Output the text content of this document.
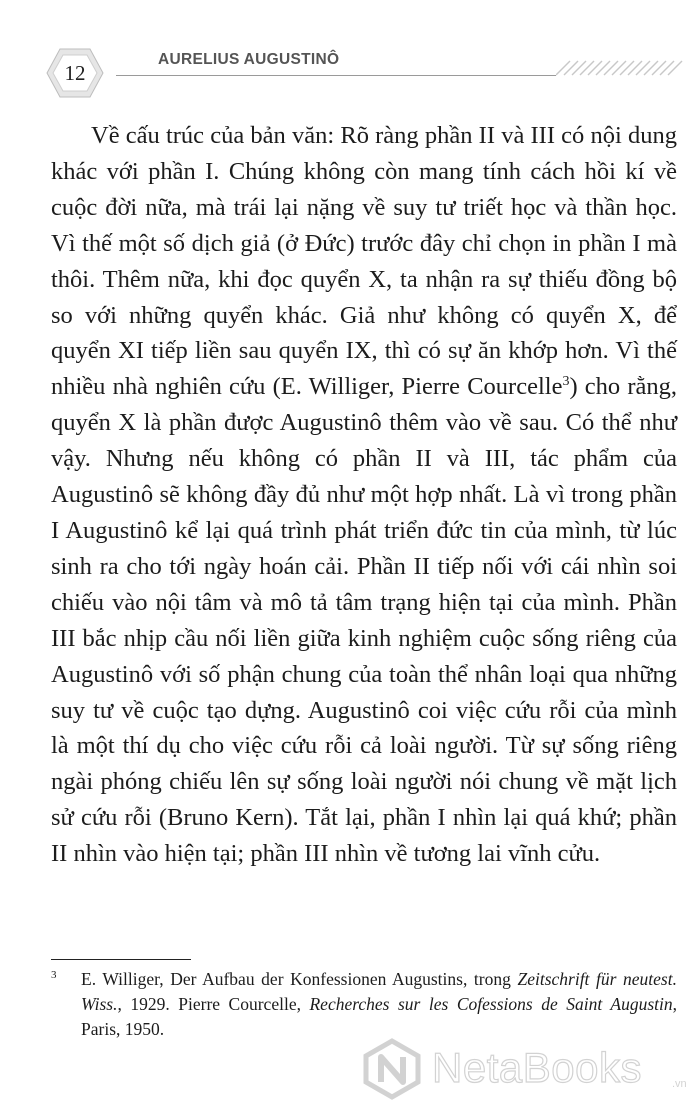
12
AURELIUS AUGUSTINÔ

Về cấu trúc của bản văn: Rõ ràng phần II và III có nội dung khác với phần I. Chúng không còn mang tính cách hồi kí về cuộc đời nữa, mà trái lại nặng về suy tư triết học và thần học. Vì thế một số dịch giả (ở Đức) trước đây chỉ chọn in phần I mà thôi. Thêm nữa, khi đọc quyển X, ta nhận ra sự thiếu đồng bộ so với những quyển khác. Giả như không có quyển X, để quyển XI tiếp liền sau quyển IX, thì có sự ăn khớp hơn. Vì thế nhiều nhà nghiên cứu (E. Williger, Pierre Courcelle$^3$) cho rằng, quyển X là phần được Augustinô thêm vào về sau. Có thể như vậy. Nhưng nếu không có phần II và III, tác phẩm của Augustinô sẽ không đầy đủ như một hợp nhất. Là vì trong phần I Augustinô kể lại quá trình phát triển đức tin của mình, từ lúc sinh ra cho tới ngày hoán cải. Phần II tiếp nối với cái nhìn soi chiếu vào nội tâm và mô tả tâm trạng hiện tại của mình. Phần III bắc nhịp cầu nối liền giữa kinh nghiệm cuộc sống riêng của Augustinô với số phận chung của toàn thể nhân loại qua những suy tư về cuộc tạo dựng. Augustinô coi việc cứu rỗi của mình là một thí dụ cho việc cứu rỗi cả loài người. Từ sự sống riêng ngài phóng chiếu lên sự sống loài người nói chung về mặt lịch sử cứu rỗi (Bruno Kern). Tắt lại, phần I nhìn lại quá khứ; phần II nhìn vào hiện tại; phần III nhìn về tương lai vĩnh cửu.

3 E. Williger, Der Aufbau der Konfessionen Augustins, trong Zeitschrift für neutest. Wiss., 1929. Pierre Courcelle, Recherches sur les Cofessions de Saint Augustin, Paris, 1950.
NetaBooks	.vn
